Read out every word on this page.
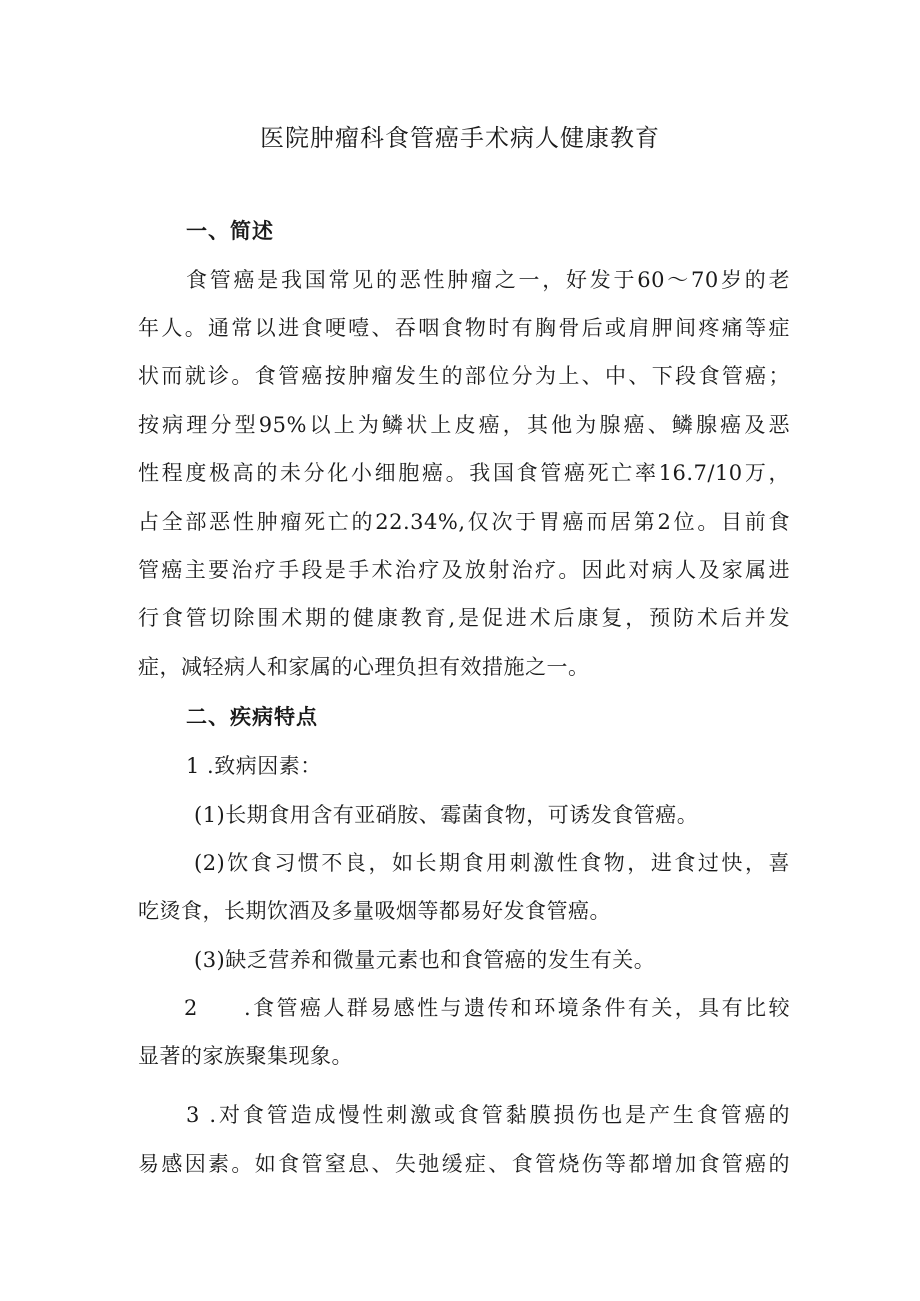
医院肿瘤科食管癌手术病人健康教育
一、简述
食管癌是我国常见的恶性肿瘤之一，好发于60～70岁的老
年人。通常以进食哽噎、吞咽食物时有胸骨后或肩胛间疼痛等症
状而就诊。食管癌按肿瘤发生的部位分为上、中、下段食管癌；
按病理分型95%以上为鳞状上皮癌，其他为腺癌、鳞腺癌及恶
性程度极高的未分化小细胞癌。我国食管癌死亡率16.7/10万，
占全部恶性肿瘤死亡的22.34%,仅次于胃癌而居第2位。目前食
管癌主要治疗手段是手术治疗及放射治疗。因此对病人及家属进
行食管切除围术期的健康教育,是促进术后康复，预防术后并发
症，减轻病人和家属的心理负担有效措施之一。
二、疾病特点
1 .致病因素：
(1)长期食用含有亚硝胺、霉菌食物，可诱发食管癌。
(2)饮食习惯不良，如长期食用刺激性食物，进食过快，喜
吃烫食，长期饮酒及多量吸烟等都易好发食管癌。
(3)缺乏营养和微量元素也和食管癌的发生有关。
2 .食管癌人群易感性与遗传和环境条件有关，具有比较
显著的家族聚集现象。
3 .对食管造成慢性刺激或食管黏膜损伤也是产生食管癌的
易感因素。如食管窒息、失弛缓症、食管烧伤等都增加食管癌的
